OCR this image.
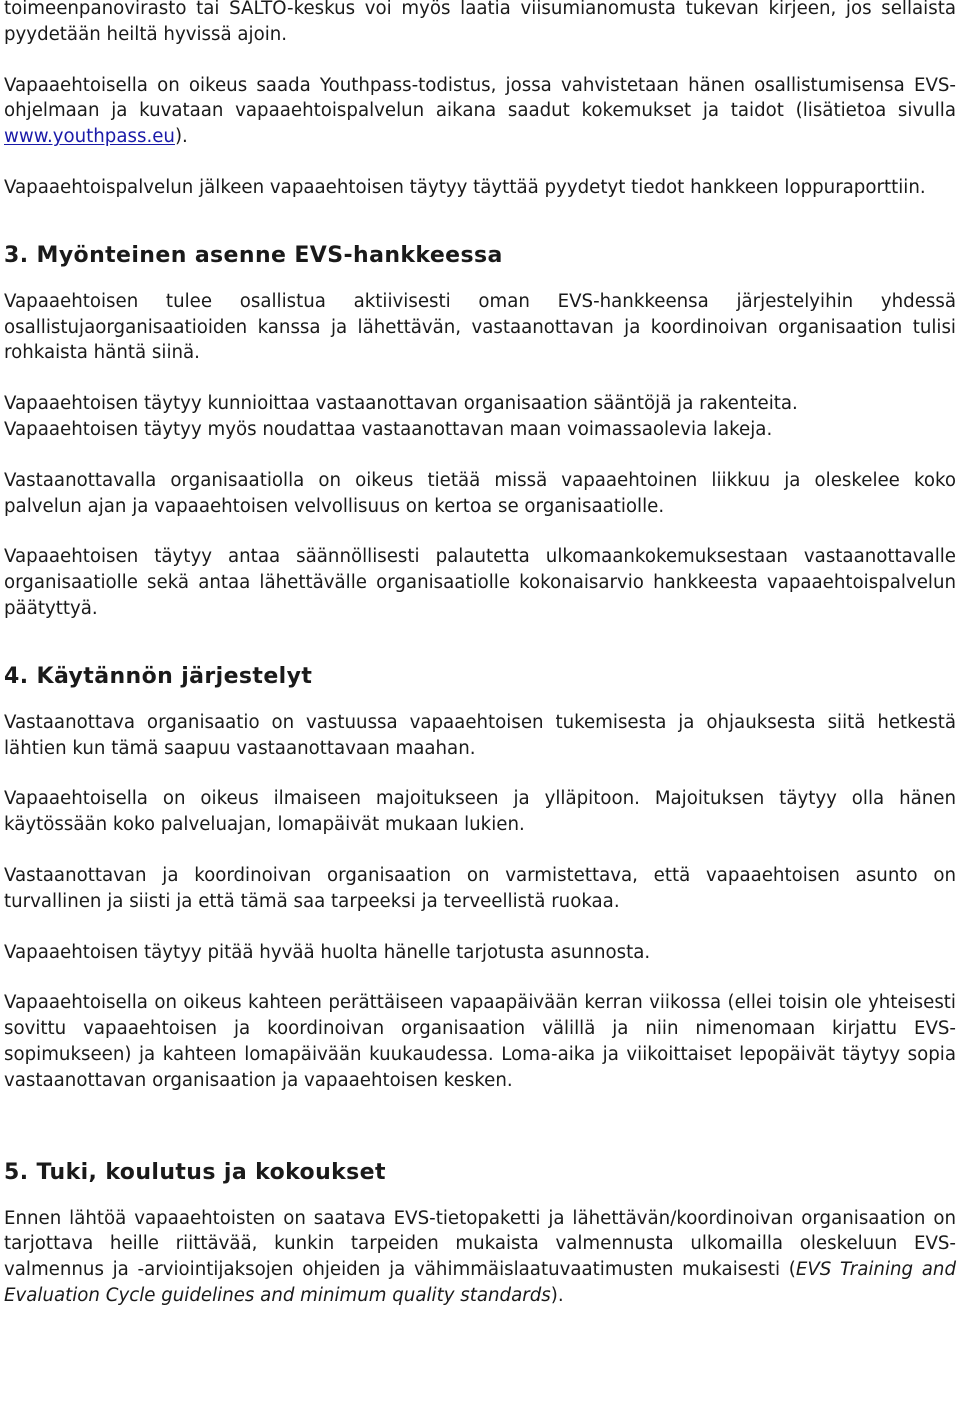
toimeenpanovirasto tai SALTO-keskus voi myös laatia viisumianomusta tukevan kirjeen, jos sellaista pyydetään heiltä hyvissä ajoin.

Vapaaehtoisella on oikeus saada Youthpass-todistus, jossa vahvistetaan hänen osallistumisensa EVS-ohjelmaan ja kuvataan vapaaehtoispalvelun aikana saadut kokemukset ja taidot (lisätietoa sivulla www.youthpass.eu).

Vapaaehtoispalvelun jälkeen vapaaehtoisen täytyy täyttää pyydetyt tiedot hankkeen loppuraporttiin.

3. Myönteinen asenne EVS-hankkeessa

Vapaaehtoisen tulee osallistua aktiivisesti oman EVS-hankkeensa järjestelyihin yhdessä osallistujaorganisaatioiden kanssa ja lähettävän, vastaanottavan ja koordinoivan organisaation tulisi rohkaista häntä siinä.

Vapaaehtoisen täytyy kunnioittaa vastaanottavan organisaation sääntöjä ja rakenteita.
Vapaaehtoisen täytyy myös noudattaa vastaanottavan maan voimassaolevia lakeja.

Vastaanottavalla organisaatiolla on oikeus tietää missä vapaaehtoinen liikkuu ja oleskelee koko palvelun ajan ja vapaaehtoisen velvollisuus on kertoa se organisaatiolle.

Vapaaehtoisen täytyy antaa säännöllisesti palautetta ulkomaankokemuksestaan vastaanottavalle organisaatiolle sekä antaa lähettävälle organisaatiolle kokonaisarvio hankkeesta vapaaehtoispalvelun päätyttyä.

4. Käytännön järjestelyt

Vastaanottava organisaatio on vastuussa vapaaehtoisen tukemisesta ja ohjauksesta siitä hetkestä lähtien kun tämä saapuu vastaanottavaan maahan.

Vapaaehtoisella on oikeus ilmaiseen majoitukseen ja ylläpitoon. Majoituksen täytyy olla hänen käytössään koko palveluajan, lomapäivät mukaan lukien.

Vastaanottavan ja koordinoivan organisaation on varmistettava, että vapaaehtoisen asunto on turvallinen ja siisti ja että tämä saa tarpeeksi ja terveellistä ruokaa.

Vapaaehtoisen täytyy pitää hyvää huolta hänelle tarjotusta asunnosta.

Vapaaehtoisella on oikeus kahteen perättäiseen vapaapäivään kerran viikossa (ellei toisin ole yhteisesti sovittu vapaaehtoisen ja koordinoivan organisaation välillä ja niin nimenomaan kirjattu EVS-sopimukseen) ja kahteen lomapäivään kuukaudessa. Loma-aika ja viikoittaiset lepopäivät täytyy sopia vastaanottavan organisaation ja vapaaehtoisen kesken.

5. Tuki, koulutus ja kokoukset

Ennen lähtöä vapaaehtoisten on saatava EVS-tietopaketti ja lähettävän/koordinoivan organisaation on tarjottava heille riittävää, kunkin tarpeiden mukaista valmennusta ulkomailla oleskeluun EVS-valmennus ja -arviointijaksojen ohjeiden ja vähimmäislaatuvaatimusten mukaisesti (EVS Training and Evaluation Cycle guidelines and minimum quality standards).
